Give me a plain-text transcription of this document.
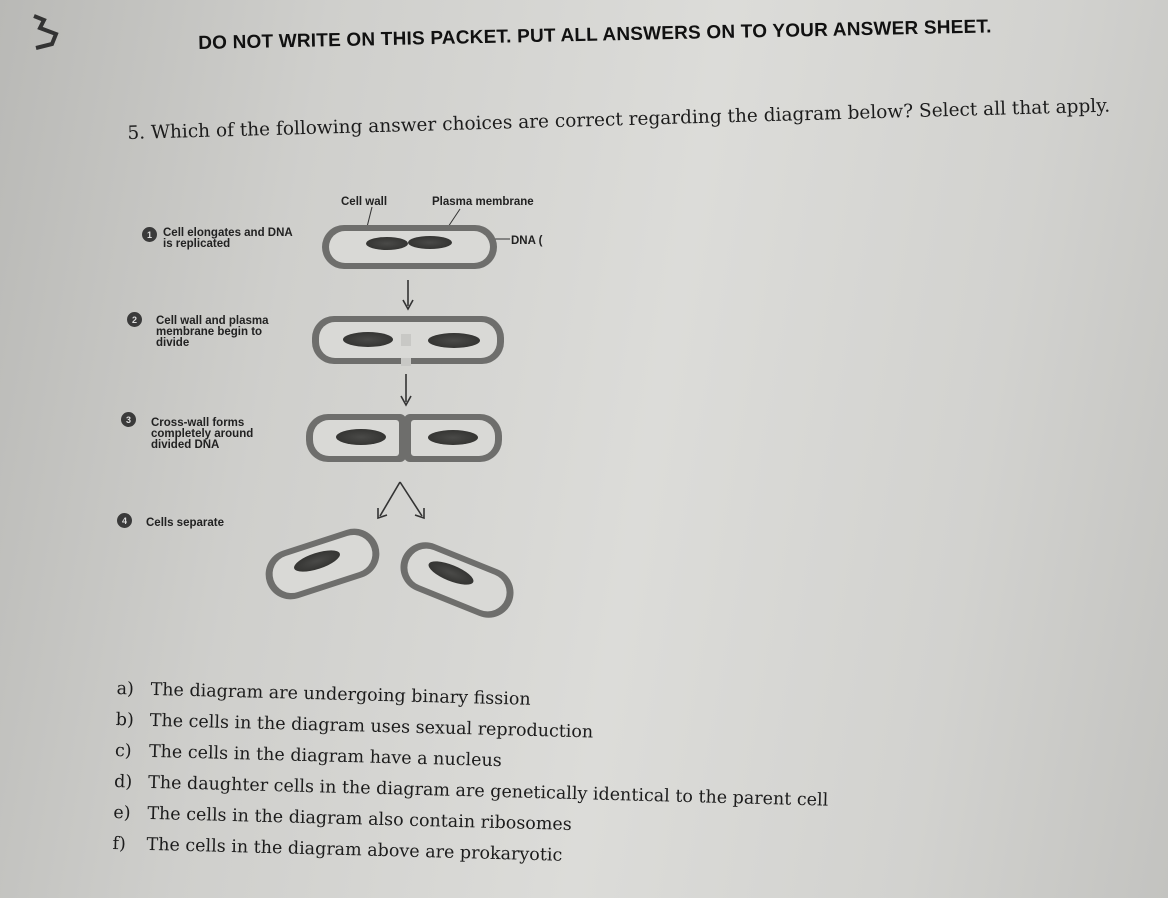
DO NOT WRITE ON THIS PACKET. PUT ALL ANSWERS ON TO YOUR ANSWER SHEET.
5. Which of the following answer choices are correct regarding the diagram below? Select all that apply.
Cell wall	Plasma membrane
DNA (
1 Cell elongates and DNA is replicated
2	Cell wall and plasma membrane begin to divide
3	Cross-wall forms completely around divided DNA
4	Cells separate
a) The diagram are undergoing binary fission
b) The cells in the diagram uses sexual reproduction
c) The cells in the diagram have a nucleus
d) The daughter cells in the diagram are genetically identical to the parent cell
e) The cells in the diagram also contain ribosomes
f) The cells in the diagram above are prokaryotic
